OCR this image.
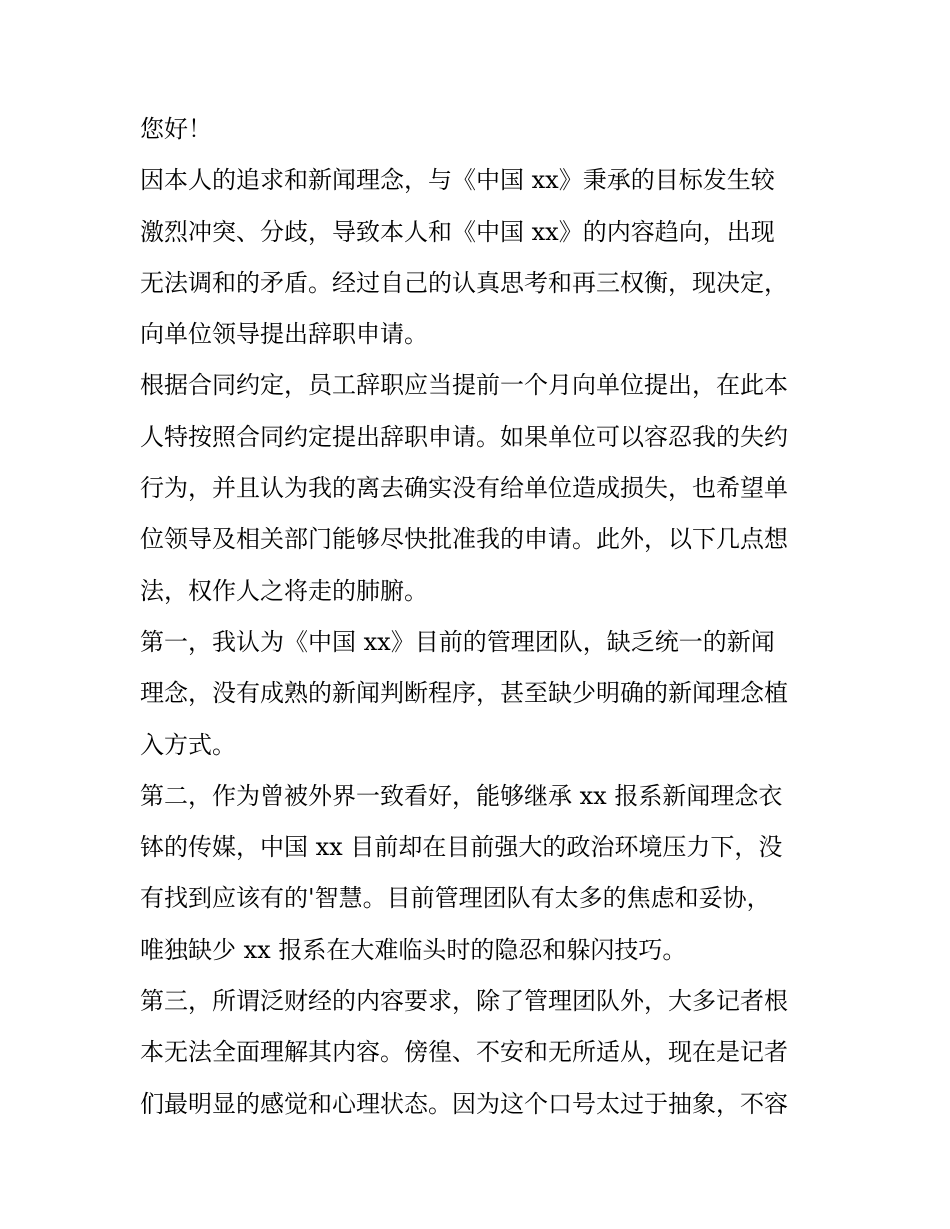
您好！
因本人的追求和新闻理念，与《中国 xx》秉承的目标发生较
激烈冲突、分歧，导致本人和《中国 xx》的内容趋向，出现
无法调和的矛盾。经过自己的认真思考和再三权衡，现决定，
向单位领导提出辞职申请。
根据合同约定，员工辞职应当提前一个月向单位提出，在此本
人特按照合同约定提出辞职申请。如果单位可以容忍我的失约
行为，并且认为我的离去确实没有给单位造成损失，也希望单
位领导及相关部门能够尽快批准我的申请。此外，以下几点想
法，权作人之将走的肺腑。
第一，我认为《中国 xx》目前的管理团队，缺乏统一的新闻
理念，没有成熟的新闻判断程序，甚至缺少明确的新闻理念植
入方式。
第二，作为曾被外界一致看好，能够继承 xx 报系新闻理念衣
钵的传媒，中国 xx 目前却在目前强大的政治环境压力下，没
有找到应该有的'智慧。目前管理团队有太多的焦虑和妥协，
唯独缺少 xx 报系在大难临头时的隐忍和躲闪技巧。
第三，所谓泛财经的内容要求，除了管理团队外，大多记者根
本无法全面理解其内容。傍徨、不安和无所适从，现在是记者
们最明显的感觉和心理状态。因为这个口号太过于抽象，不容
